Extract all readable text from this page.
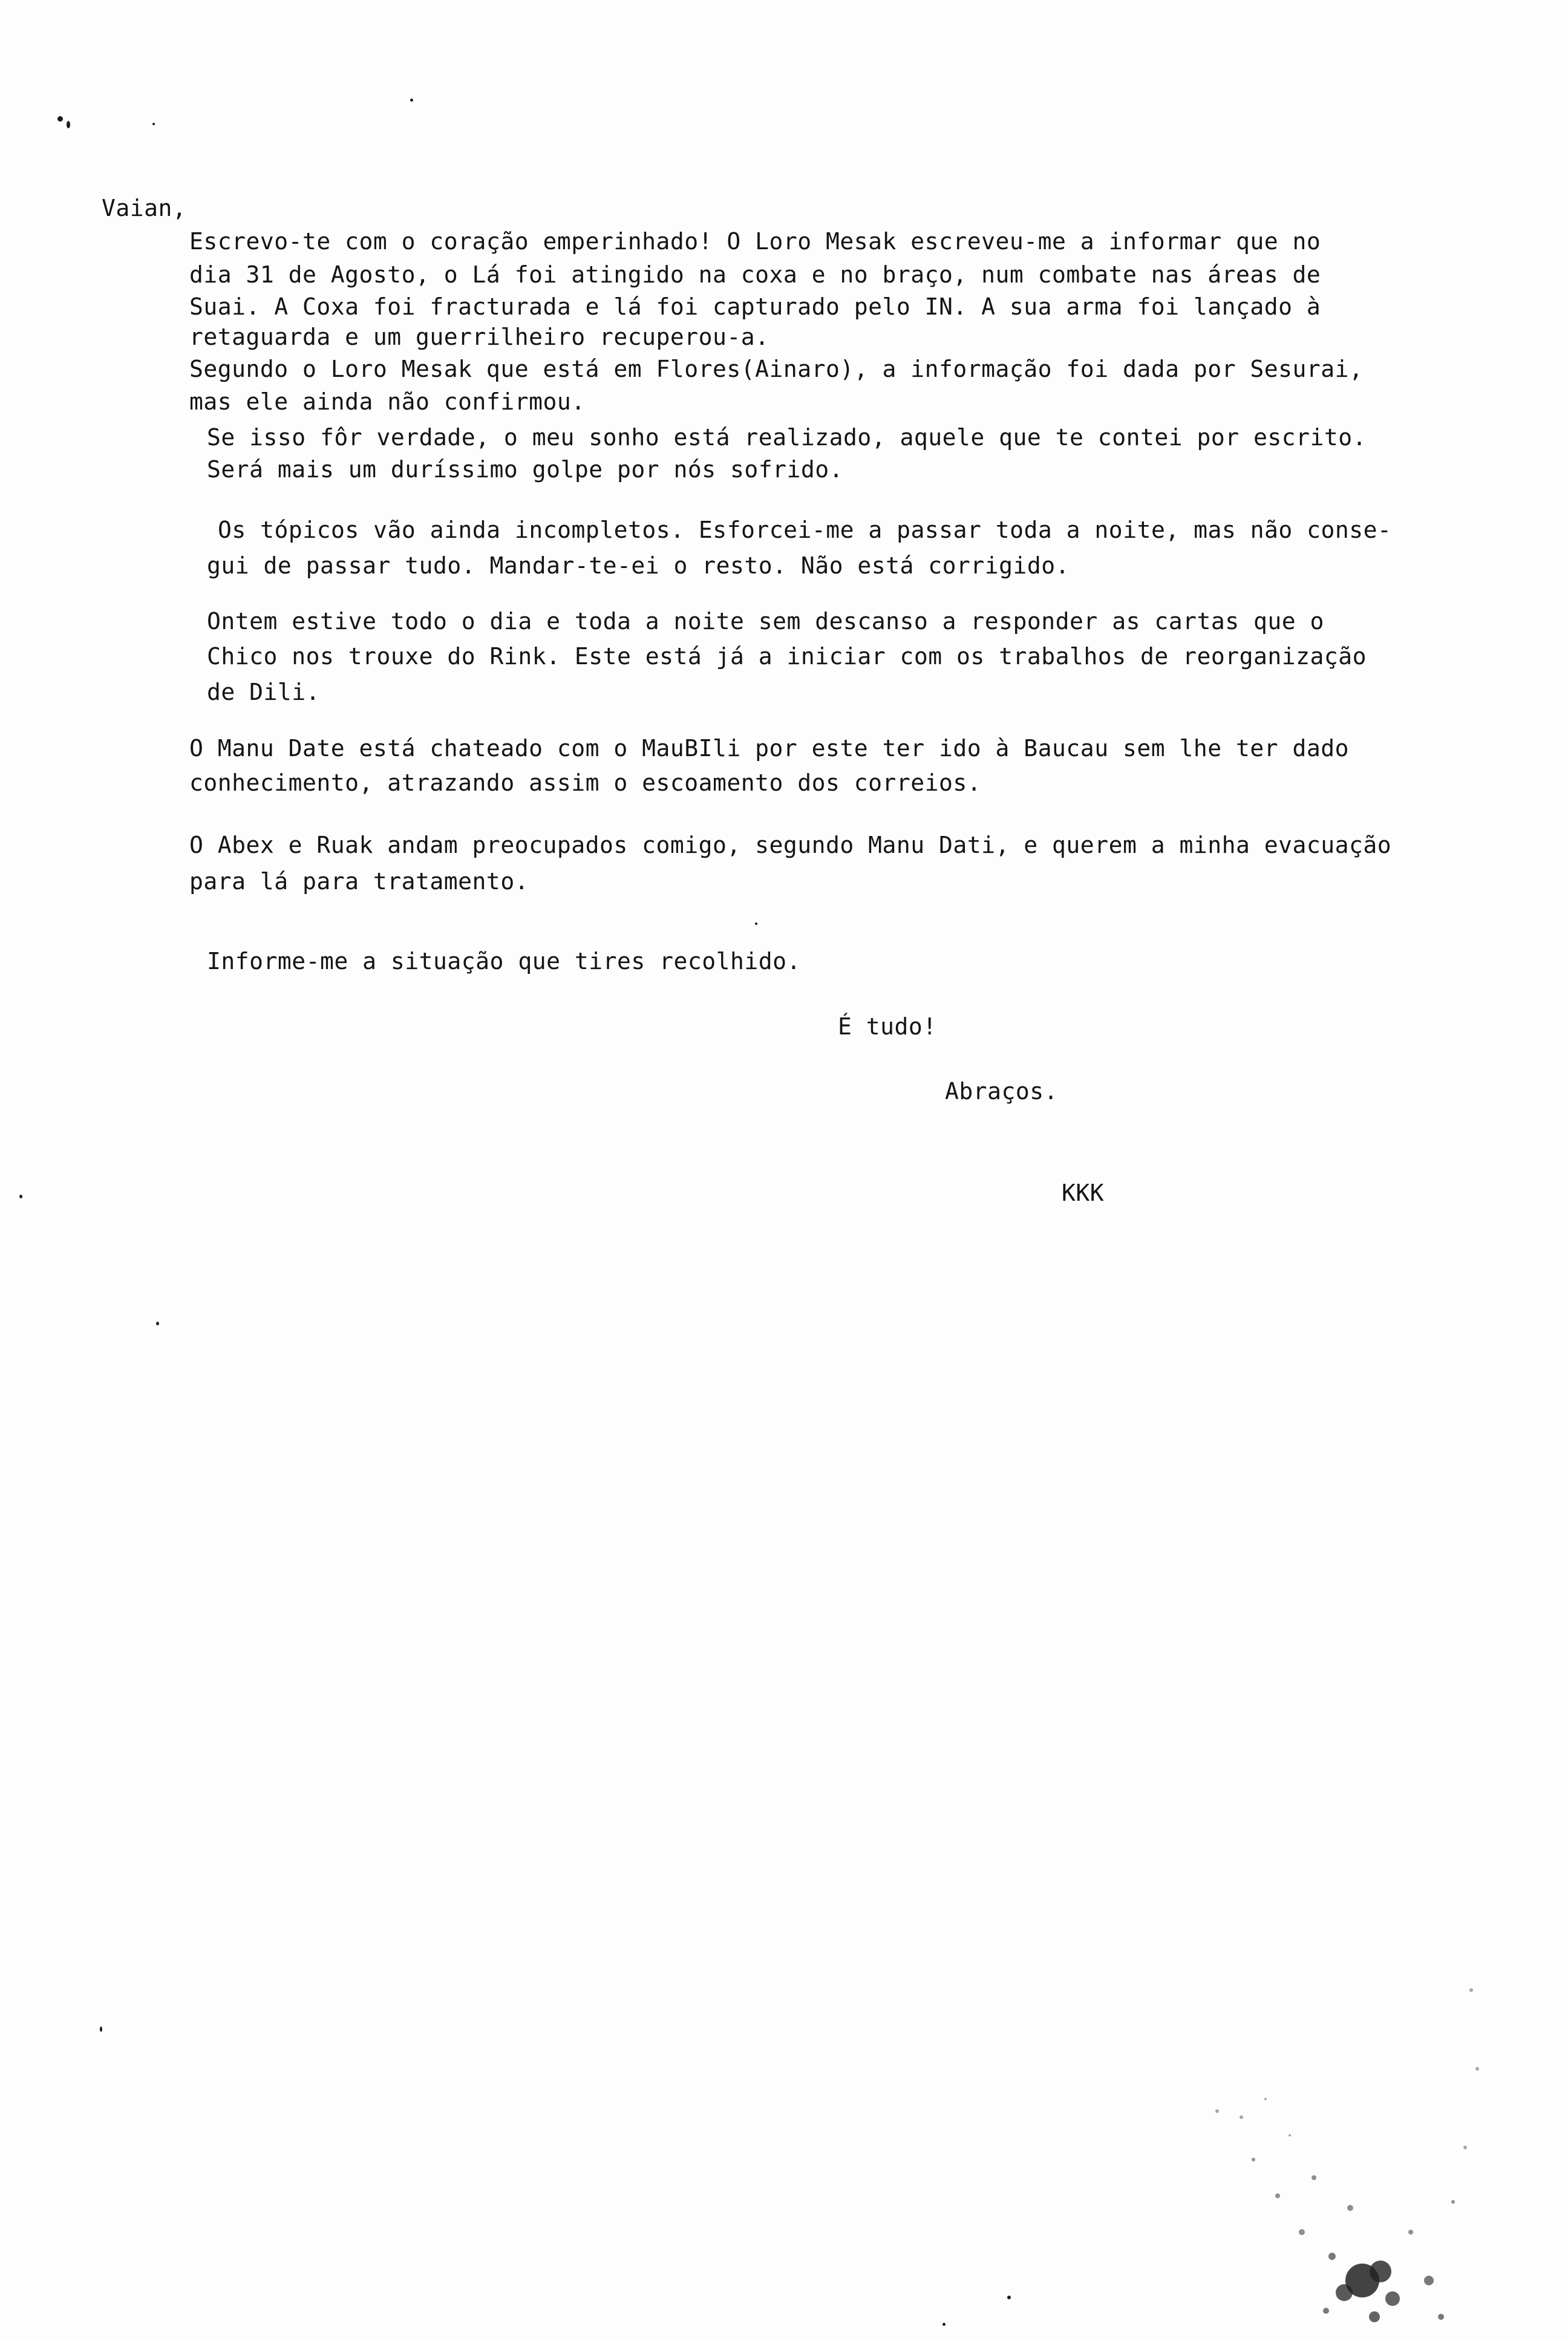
Vaian,
Escrevo-te com o coração emperinhado! O Loro Mesak escreveu-me a informar que no
dia 31 de Agosto, o Lá foi atingido na coxa e no braço, num combate nas áreas de
Suai. A Coxa foi fracturada e lá foi capturado pelo IN. A sua arma foi lançado à
retaguarda e um guerrilheiro recuperou-a.
Segundo o Loro Mesak que está em Flores(Ainaro), a informação foi dada por Sesurai,
mas ele ainda não confirmou.
Se isso fôr verdade, o meu sonho está realizado, aquele que te contei por escrito.
Será mais um duríssimo golpe por nós sofrido.
Os tópicos vão ainda incompletos. Esforcei-me a passar toda a noite, mas não conse-
gui de passar tudo. Mandar-te-ei o resto. Não está corrigido.
Ontem estive todo o dia e toda a noite sem descanso a responder as cartas que o
Chico nos trouxe do Rink. Este está já a iniciar com os trabalhos de reorganização
de Dili.
O Manu Date está chateado com o MauBIli por este ter ido à Baucau sem lhe ter dado
conhecimento, atrazando assim o escoamento dos correios.
O Abex e Ruak andam preocupados comigo, segundo Manu Dati, e querem a minha evacuação
para lá para tratamento.
Informe-me a situação que tires recolhido.
É tudo!
Abraços.
KKK
